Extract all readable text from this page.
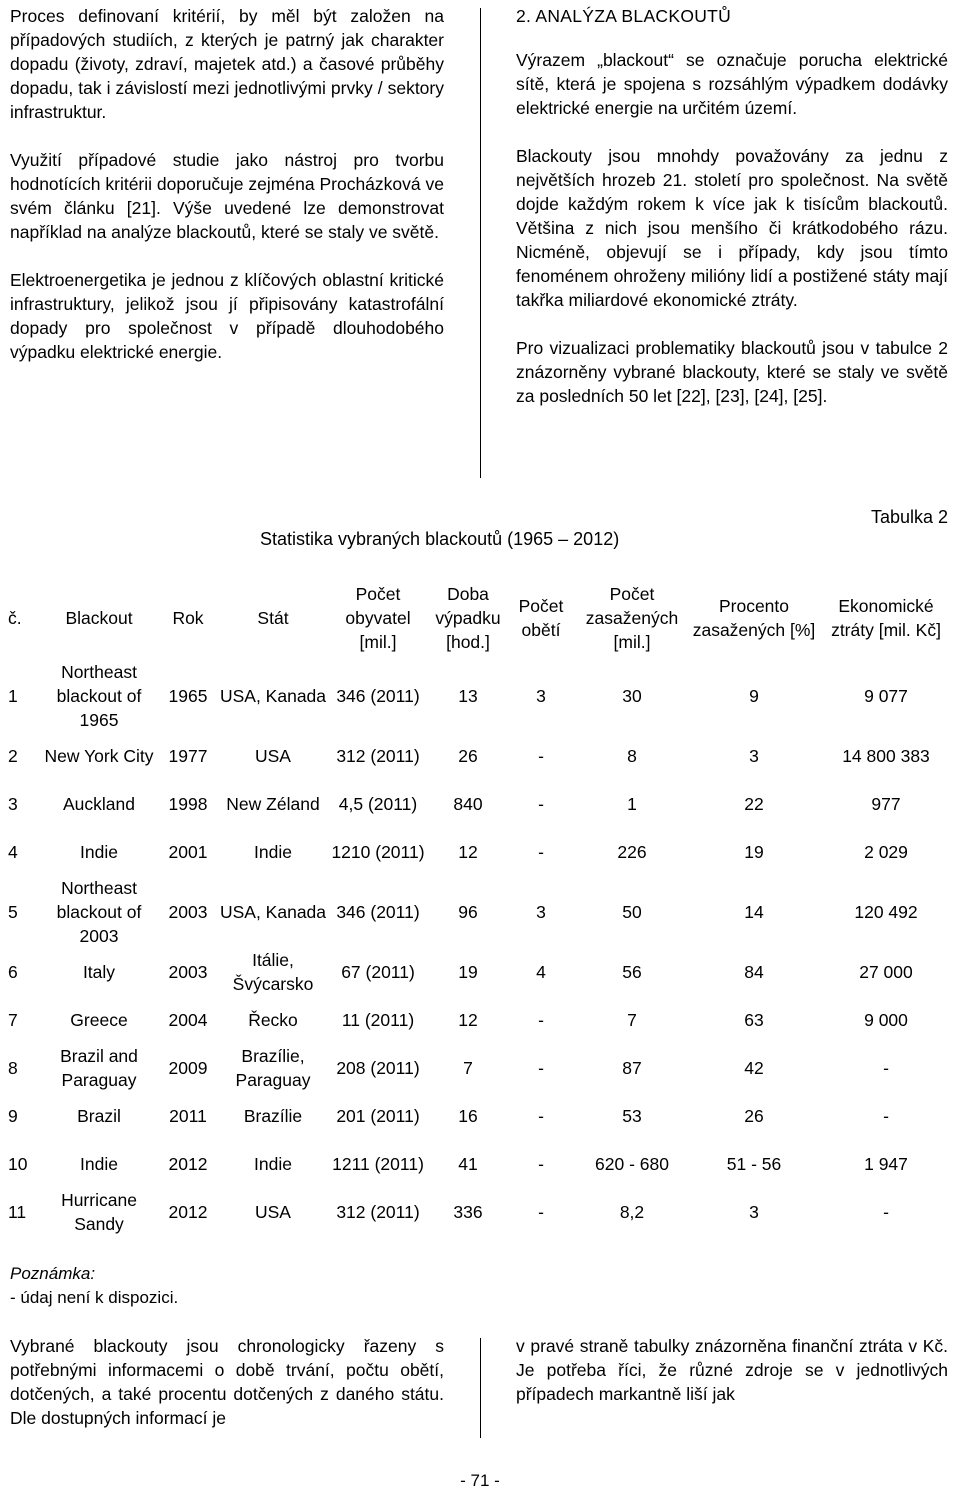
Proces definovaní kritérií, by měl být založen na případových studiích, z kterých je patrný jak charakter dopadu (životy, zdraví, majetek atd.) a časové průběhy dopadu, tak i závislostí mezi jednotlivými prvky / sektory infrastruktur.

Využití případové studie jako nástroj pro tvorbu hodnotících kritérii doporučuje zejména Procházková ve svém článku [21]. Výše uvedené lze demonstrovat například na analýze blackoutů, které se staly ve světě.

Elektroenergetika je jednou z klíčových oblastní kritické infrastruktury, jelikož jsou jí připisovány katastrofální dopady pro společnost v případě dlouhodobého výpadku elektrické energie.

2. ANALÝZA BLACKOUTŮ

Výrazem „blackout“ se označuje porucha elektrické sítě, která je spojena s rozsáhlým výpadkem dodávky elektrické energie na určitém území.

Blackouty jsou mnohdy považovány za jednu z největších hrozeb 21. století pro společnost. Na světě dojde každým rokem k více jak k tisícům blackoutů. Většina z nich jsou menšího či krátkodobého rázu. Nicméně, objevují se i případy, kdy jsou tímto fenoménem ohroženy milióny lidí a postižené státy mají takřka miliardové ekonomické ztráty.

Pro vizualizaci problematiky blackoutů jsou v tabulce 2 znázorněny vybrané blackouty, které se staly ve světě za posledních 50 let [22], [23], [24], [25].

Tabulka 2
Statistika vybraných blackoutů (1965 – 2012)
č.	Blackout	Rok	Stát	Počet obyvatel [mil.]	Doba výpadku [hod.]	Počet obětí	Počet zasažených [mil.]	Procento zasažených [%]	Ekonomické ztráty [mil. Kč]
1	Northeast blackout of 1965	1965	USA, Kanada	346 (2011)	13	3	30	9	9 077
2	New York City	1977	USA	312 (2011)	26	-	8	3	14 800 383
3	Auckland	1998	New Zéland	4,5 (2011)	840	-	1	22	977
4	Indie	2001	Indie	1210 (2011)	12	-	226	19	2 029
5	Northeast blackout of 2003	2003	USA, Kanada	346 (2011)	96	3	50	14	120 492
6	Italy	2003	Itálie, Švýcarsko	67 (2011)	19	4	56	84	27 000
7	Greece	2004	Řecko	11 (2011)	12	-	7	63	9 000
8	Brazil and Paraguay	2009	Brazílie, Paraguay	208 (2011)	7	-	87	42	-
9	Brazil	2011	Brazílie	201 (2011)	16	-	53	26	-
10	Indie	2012	Indie	1211 (2011)	41	-	620 - 680	51 - 56	1 947
11	Hurricane Sandy	2012	USA	312 (2011)	336	-	8,2	3	-
Poznámka:
- údaj není k dispozici.

Vybrané blackouty jsou chronologicky řazeny s potřebnými informacemi o době trvání, počtu obětí, dotčených, a také procentu dotčených z daného státu. Dle dostupných informací je

v pravé straně tabulky znázorněna finanční ztráta v Kč. Je potřeba říci, že různé zdroje se v jednotlivých případech markantně liší jak

- 71 -
